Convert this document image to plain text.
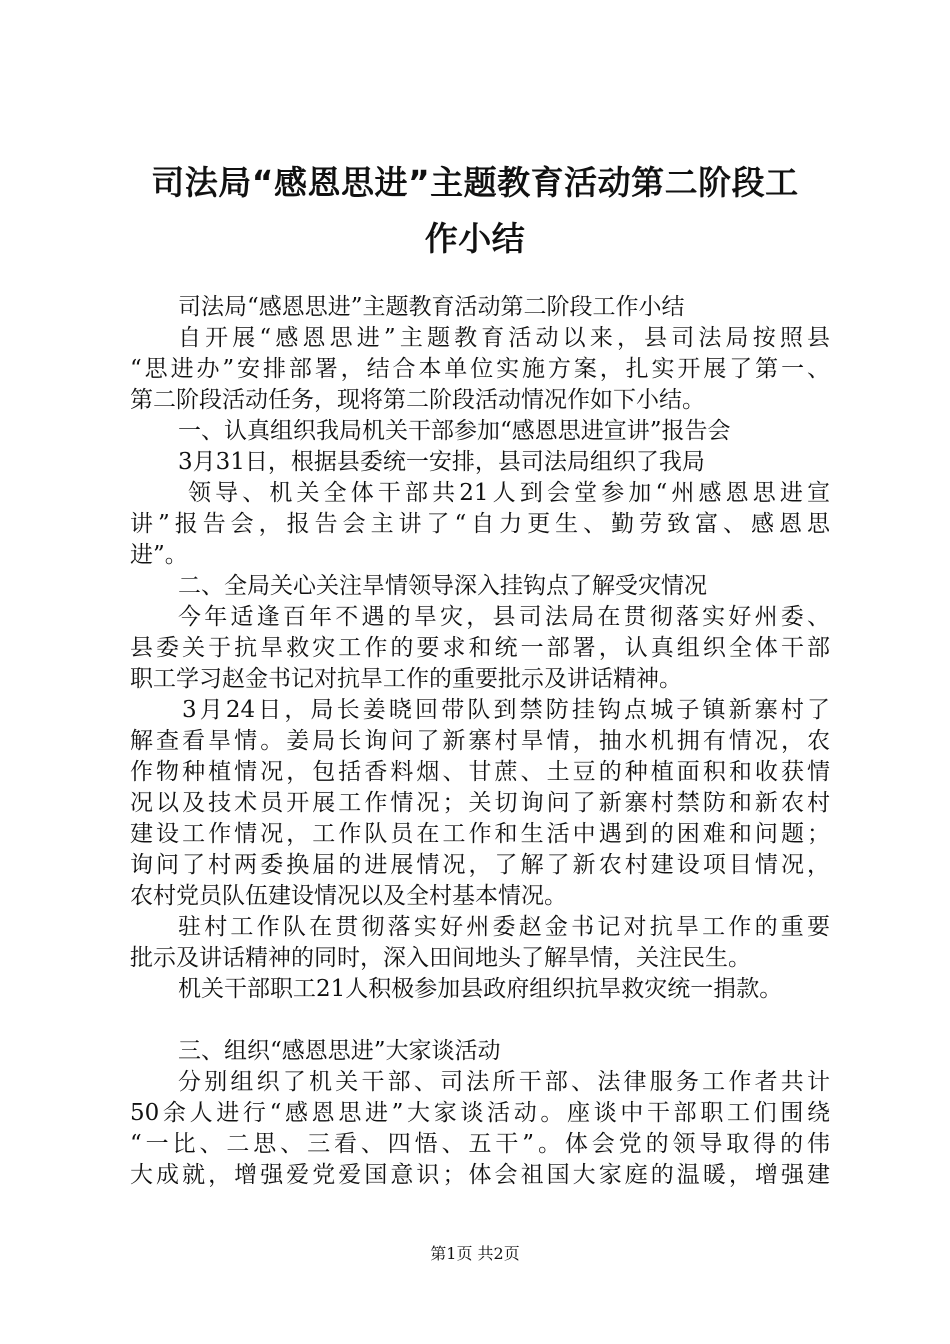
司法局“感恩思进”主题教育活动第二阶段工
作小结
司法局“感恩思进”主题教育活动第二阶段工作小结
自开展“感恩思进”主题教育活动以来，县司法局按照县
“思进办”安排部署，结合本单位实施方案，扎实开展了第一、
第二阶段活动任务，现将第二阶段活动情况作如下小结。
一、认真组织我局机关干部参加“感恩思进宣讲”报告会
3月31日，根据县委统一安排，县司法局组织了我局
领导、机关全体干部共21人到会堂参加“州感恩思进宣
讲”报告会，报告会主讲了“自力更生、勤劳致富、感恩思
进”。
二、全局关心关注旱情领导深入挂钩点了解受灾情况
今年适逢百年不遇的旱灾，县司法局在贯彻落实好州委、
县委关于抗旱救灾工作的要求和统一部署，认真组织全体干部
职工学习赵金书记对抗旱工作的重要批示及讲话精神。
3月24日，局长姜晓回带队到禁防挂钩点城子镇新寨村了
解查看旱情。姜局长询问了新寨村旱情，抽水机拥有情况，农
作物种植情况，包括香料烟、甘蔗、土豆的种植面积和收获情
况以及技术员开展工作情况；关切询问了新寨村禁防和新农村
建设工作情况，工作队员在工作和生活中遇到的困难和问题；
询问了村两委换届的进展情况，了解了新农村建设项目情况，
农村党员队伍建设情况以及全村基本情况。
驻村工作队在贯彻落实好州委赵金书记对抗旱工作的重要
批示及讲话精神的同时，深入田间地头了解旱情，关注民生。
机关干部职工21人积极参加县政府组织抗旱救灾统一捐款。
三、组织“感恩思进”大家谈活动
分别组织了机关干部、司法所干部、法律服务工作者共计
50余人进行“感恩思进”大家谈活动。座谈中干部职工们围绕
“一比、二思、三看、四悟、五干”。体会党的领导取得的伟
大成就，增强爱党爱国意识；体会祖国大家庭的温暖，增强建
第1页 共2页
